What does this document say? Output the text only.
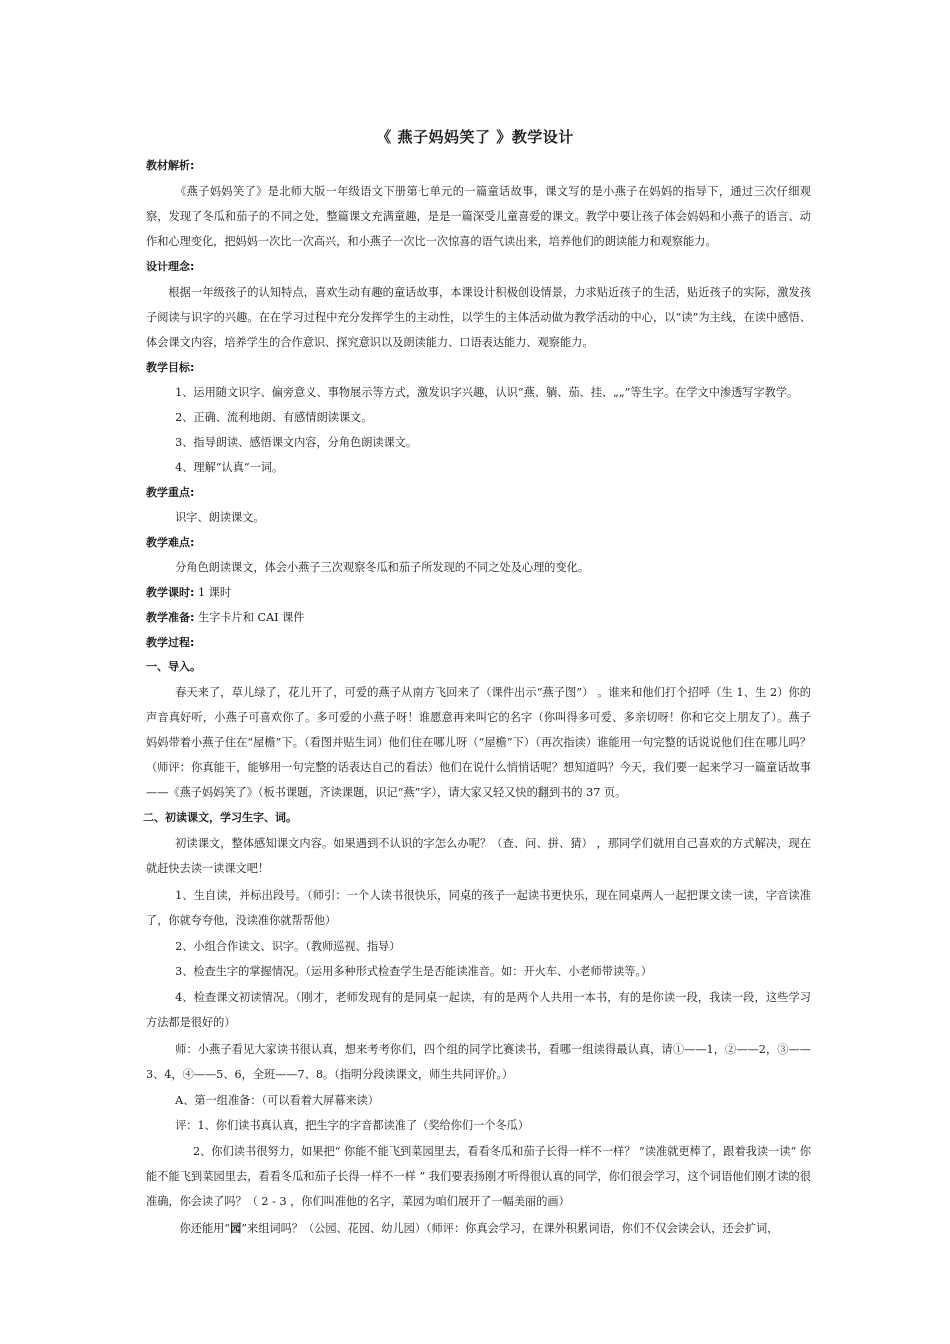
《 燕子妈妈笑了 》教学设计
教材解析:

《燕子妈妈笑了》是北师大版一年级语文下册第七单元的一篇童话故事，课文写的是小燕子在妈妈的指导下，通过三次仔细观察，发现了冬瓜和茄子的不同之处，整篇课文充满童趣，是是一篇深受儿童喜爱的课文。教学中要让孩子体会妈妈和小燕子的语言、动作和心理变化，把妈妈一次比一次高兴，和小燕子一次比一次惊喜的语气读出来，培养他们的朗读能力和观察能力。

设计理念:

根据一年级孩子的认知特点，喜欢生动有趣的童话故事，本课设计积极创设情景，力求贴近孩子的生活，贴近孩子的实际，激发孩子阅读与识字的兴趣。在在学习过程中充分发挥学生的主动性，以学生的主体活动做为教学活动的中心，以“读”为主线，在读中感悟、体会课文内容，培养学生的合作意识、探究意识以及朗读能力、口语表达能力、观察能力。

教学目标:

1、运用随文识字、偏旁意义、事物展示等方式，激发识字兴趣，认识“燕、躺、茄、挂、„„”等生字。在学文中渗透写字教学。

2、正确、流利地朗、有感情朗读课文。

3、指导朗读、感悟课文内容，分角色朗读课文。

4、理解“认真“一词。

教学重点:

识字、朗读课文。

教学难点:

分角色朗读课文，体会小燕子三次观察冬瓜和茄子所发现的不同之处及心理的变化。

教学课时: 1 课时
教学准备: 生字卡片和 CAI 课件
教学过程:
一、导入。

春天来了，草儿绿了，花儿开了，可爱的燕子从南方飞回来了（课件出示“燕子图”） 。谁来和他们打个招呼（生 1、生 2）你的声音真好听，小燕子可喜欢你了。多可爱的小燕子呀！谁愿意再来叫它的名字（你叫得多可爱、多亲切呀！你和它交上朋友了）。燕子妈妈带着小燕子住在“屋檐”下。（看图并贴生词）他们住在哪儿呀（“屋檐”下）（再次指读）谁能用一句完整的话说说他们住在哪儿吗？（师评：你真能干，能够用一句完整的话表达自己的看法）他们在说什么悄悄话呢？想知道吗？今天，我们要一起来学习一篇童话故事 ——《燕子妈妈笑了》（板书课题，齐读课题，识记“燕”字），请大家又轻又快的翻到书的 37 页。

二、初读课文，学习生字、词。

初读课文，整体感知课文内容。如果遇到不认识的字怎么办呢？（查、问、拼、猜） ，那同学们就用自己喜欢的方式解决，现在就赶快去读一读课文吧！

1、生自读，并标出段号。（师引：一个人读书很快乐，同桌的孩子一起读书更快乐，现在同桌两人一起把课文读一读，字音读准了，你就夸夸他，没读准你就帮帮他）

2、小组合作读文、识字。（教师巡视、指导）

3、检查生字的掌握情况。（运用多种形式检查学生是否能读准音。如：开火车、小老师带读等。）

4、检查课文初读情况。（刚才，老师发现有的是同桌一起读，有的是两个人共用一本书，有的是你读一段，我读一段，这些学习方法都是很好的）

师：小燕子看见大家读书很认真，想来考考你们，四个组的同学比赛读书，看哪一组读得最认真，请①——1，②——2，③——3、4，④——5、6，全班——7、8。（指明分段读课文，师生共同评价。）

A、第一组准备：（可以看着大屏幕来读）

评：1、你们读书真认真，把生字的字音都读准了（奖给你们一个冬瓜）

2、你们读书很努力，如果把“ 你能不能飞到菜园里去，看看冬瓜和茄子长得一样不一样？ ”读准就更棒了，跟着我读一读“ 你能不能飞到菜园里去，看看冬瓜和茄子长得一样不一样 ” 我们要表扬刚才听得很认真的同学，你们很会学习，这个词语他们刚才读的很准确，你会读了吗？（ 2 - 3 ，你们叫准他的名字，菜园为咱们展开了一幅美丽的画）

你还能用“园”来组词吗？（公园、花园、幼儿园）（师评：你真会学习，在课外积累词语，你们不仅会读会认，还会扩词，
